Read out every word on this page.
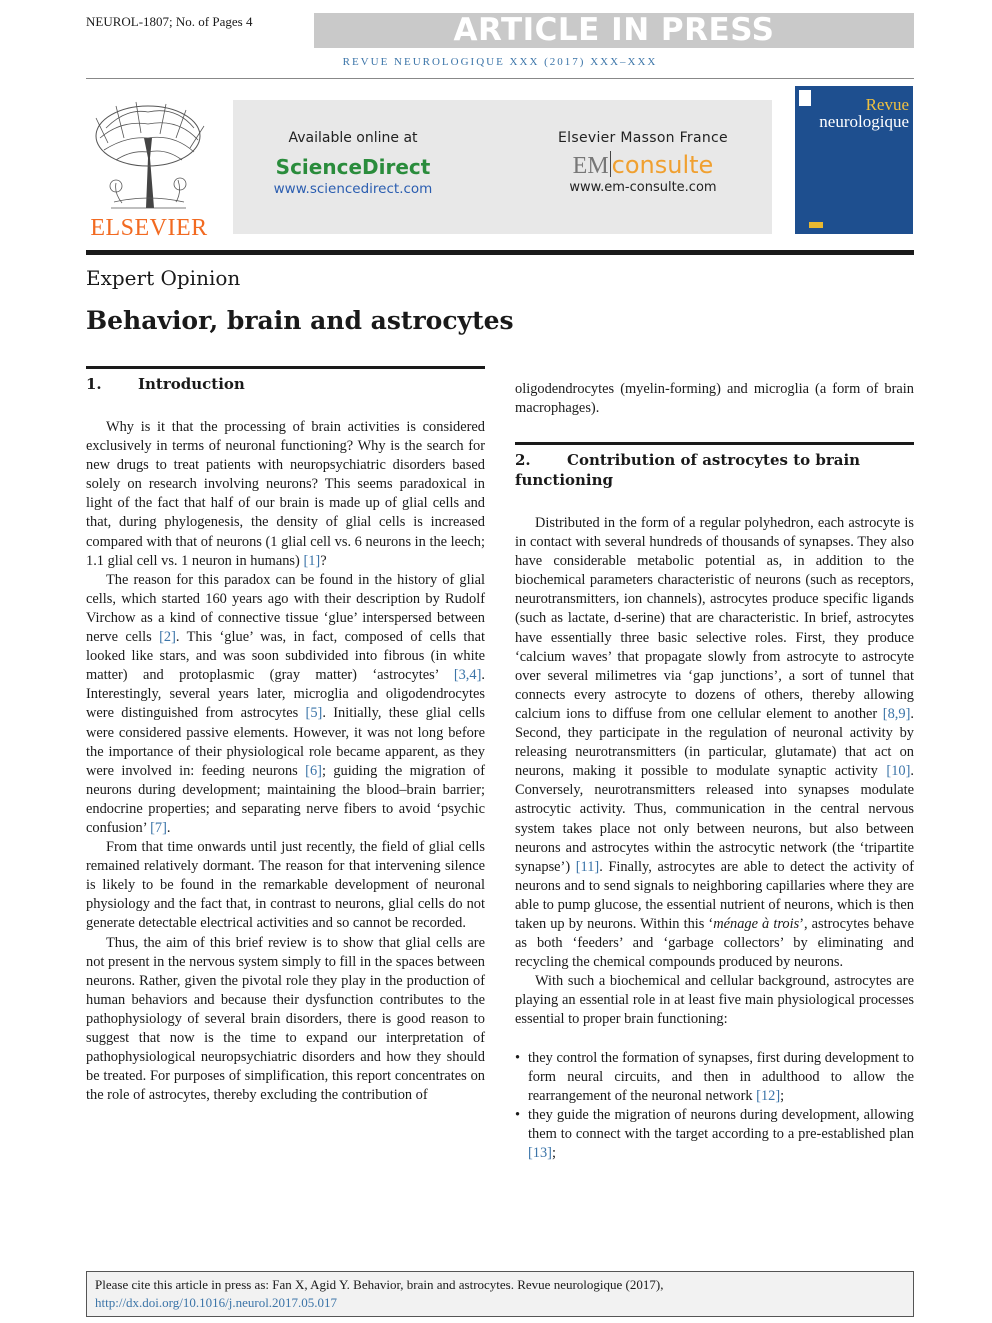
NEUROL-1807; No. of Pages 4	ARTICLE IN PRESS
REVUE NEUROLOGIQUE XXX (2017) XXX–XXX
ELSEVIER
Available online at
ScienceDirect
www.sciencedirect.com
Elsevier Masson France
EM consulte
www.em-consulte.com
Revue
neurologique
Expert Opinion
Behavior, brain and astrocytes
1. Introduction

Why is it that the processing of brain activities is considered exclusively in terms of neuronal functioning? Why is the search for new drugs to treat patients with neuropsychiatric disorders based solely on research involving neurons? This seems paradoxical in light of the fact that half of our brain is made up of glial cells and that, during phylogenesis, the density of glial cells is increased compared with that of neurons (1 glial cell vs. 6 neurons in the leech; 1.1 glial cell vs. 1 neuron in humans) [1]?

The reason for this paradox can be found in the history of glial cells, which started 160 years ago with their description by Rudolf Virchow as a kind of connective tissue ‘glue’ interspersed between nerve cells [2]. This ‘glue’ was, in fact, composed of cells that looked like stars, and was soon subdivided into fibrous (in white matter) and protoplasmic (gray matter) ‘astrocytes’ [3,4]. Interestingly, several years later, microglia and oligodendrocytes were distinguished from astrocytes [5]. Initially, these glial cells were considered passive elements. However, it was not long before the importance of their physiological role became apparent, as they were involved in: feeding neurons [6]; guiding the migration of neurons during development; maintaining the blood–brain barrier; endocrine properties; and separating nerve fibers to avoid ‘psychic confusion’ [7].

From that time onwards until just recently, the field of glial cells remained relatively dormant. The reason for that intervening silence is likely to be found in the remarkable development of neuronal physiology and the fact that, in contrast to neurons, glial cells do not generate detectable electrical activities and so cannot be recorded.

Thus, the aim of this brief review is to show that glial cells are not present in the nervous system simply to fill in the spaces between neurons. Rather, given the pivotal role they play in the production of human behaviors and because their dysfunction contributes to the pathophysiology of several brain disorders, there is good reason to suggest that now is the time to expand our interpretation of pathophysiological neuropsychiatric disorders and how they should be treated. For purposes of simplification, this report concentrates on the role of astrocytes, thereby excluding the contribution of

oligodendrocytes (myelin-forming) and microglia (a form of brain macrophages).

2. Contribution of astrocytes to brain
functioning

Distributed in the form of a regular polyhedron, each astrocyte is in contact with several hundreds of thousands of synapses. They also have considerable metabolic potential as, in addition to the biochemical parameters characteristic of neurons (such as receptors, neurotransmitters, ion channels), astrocytes produce specific ligands (such as lactate, d-serine) that are characteristic. In brief, astrocytes have essentially three basic selective roles. First, they produce ‘calcium waves’ that propagate slowly from astrocyte to astrocyte over several milimetres via ‘gap junctions’, a sort of tunnel that connects every astrocyte to dozens of others, thereby allowing calcium ions to diffuse from one cellular element to another [8,9]. Second, they participate in the regulation of neuronal activity by releasing neurotransmitters (in particular, glutamate) that act on neurons, making it possible to modulate synaptic activity [10]. Conversely, neurotransmitters released into synapses modulate astrocytic activity. Thus, communication in the central nervous system takes place not only between neurons, but also between neurons and astrocytes within the astrocytic network (the ‘tripartite synapse’) [11]. Finally, astrocytes are able to detect the activity of neurons and to send signals to neighboring capillaries where they are able to pump glucose, the essential nutrient of neurons, which is then taken up by neurons. Within this ‘ménage à trois’, astrocytes behave as both ‘feeders’ and ‘garbage collectors’ by eliminating and recycling the chemical compounds produced by neurons.

With such a biochemical and cellular background, astrocytes are playing an essential role in at least five main physiological processes essential to proper brain functioning:

• they control the formation of synapses, first during development to form neural circuits, and then in adulthood to allow the rearrangement of the neuronal network [12];

• they guide the migration of neurons during development, allowing them to connect with the target according to a pre-established plan [13];

Please cite this article in press as: Fan X, Agid Y. Behavior, brain and astrocytes. Revue neurologique (2017), http://dx.doi.org/10.1016/j.neurol.2017.05.017
